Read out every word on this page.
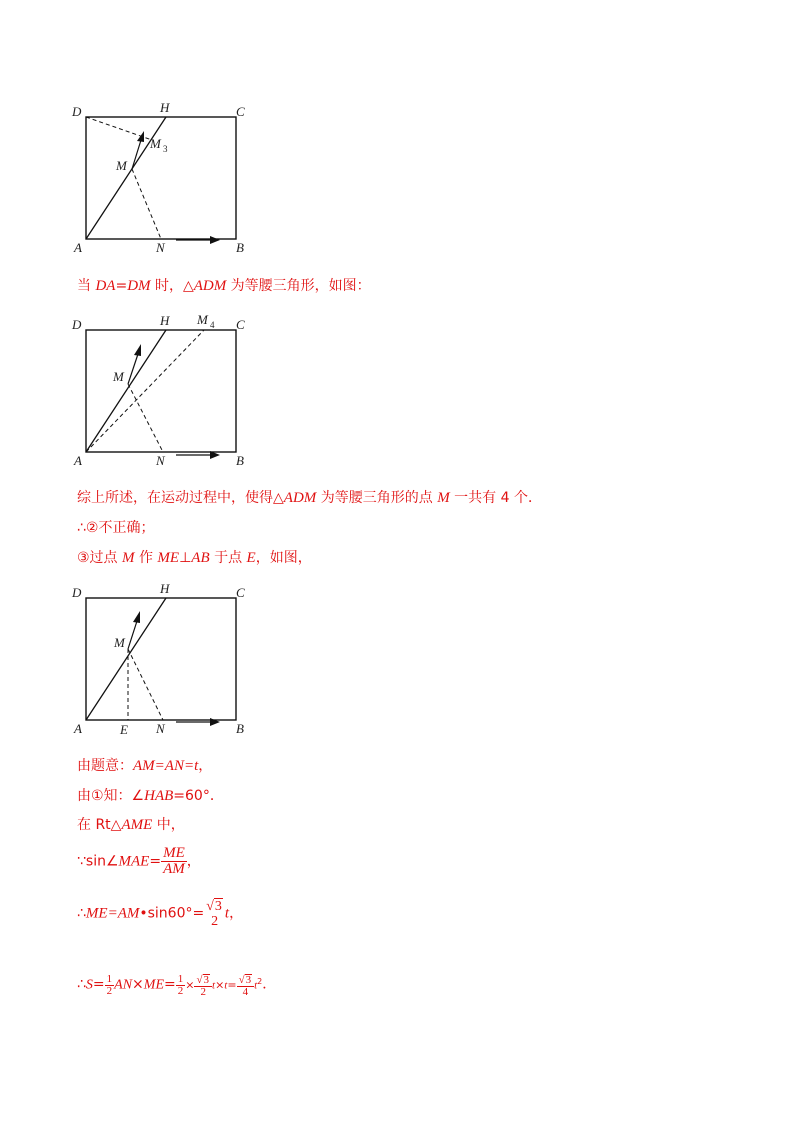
D	H	C
M 3
M
A	N	B
当 DA=DM 时，△ADM 为等腰三角形，如图：
D	H M 4 C
M
A	N	B
综上所述，在运动过程中，使得△ADM 为等腰三角形的点 M 一共有 4 个．
∴②不正确；
③过点 M 作 ME⊥AB 于点 E，如图，
D	H	C
M
A	E N	B
由题意：AM=AN=t，
由①知：∠HAB=60°．
在 Rt△AME 中，
∵sin∠MAE= $\frac{ME}{AM}$ ，
∴ME=AM•sin60°= √3
2 t，
∴S= $\frac{1}{2} AN\times ME= \frac{1}{2} \times \frac{√3}{2} t\times t= \frac{√3}{4} t^2$．
